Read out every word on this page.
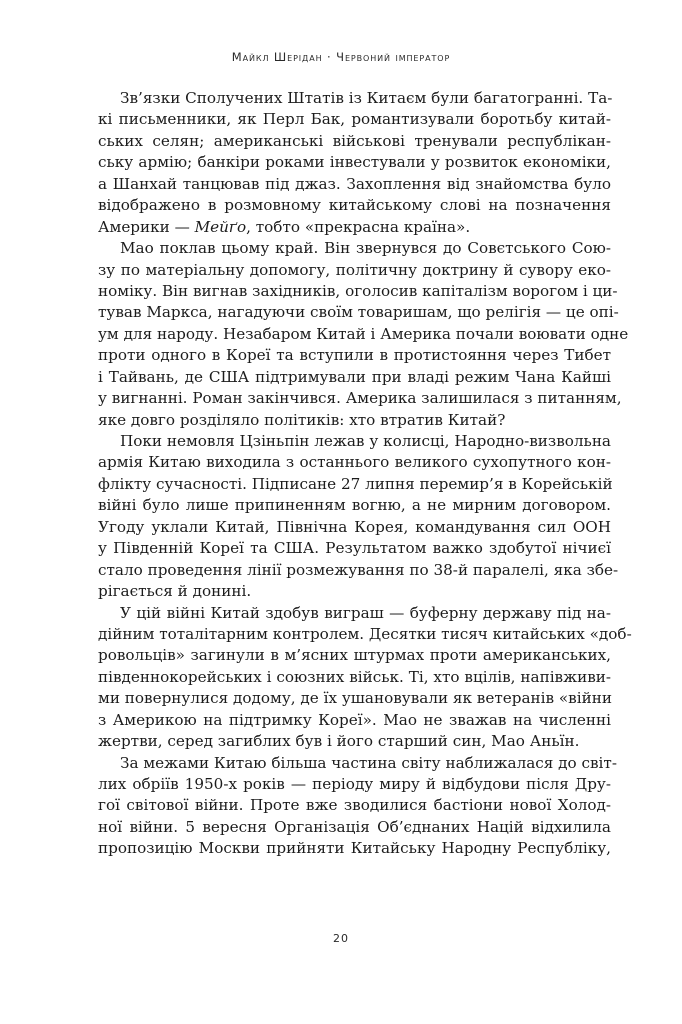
Майкл Шерідан · Червоний імператор
Зв’язки Сполучених Штатів із Китаєм були багатогранні. Та-
кі письменники, як Перл Бак, романтизували боротьбу китай-
ських селян; американські військові тренували республікан-
ську армію; банкіри роками інвестували у розвиток економіки,
а Шанхай танцював під джаз. Захоплення від знайомства було
відображено в розмовному китайському слові на позначення
Америки — Мейґо, тобто «прекрасна країна».
Мао поклав цьому край. Він звернувся до Совєтського Сою-
зу по матеріальну допомогу, політичну доктрину й сувору еко-
номіку. Він вигнав західників, оголосив капіталізм ворогом і ци-
тував Маркса, нагадуючи своїм товаришам, що релігія — це опі-
ум для народу. Незабаром Китай і Америка почали воювати одне
проти одного в Кореї та вступили в протистояння через Тибет
і Тайвань, де США підтримували при владі режим Чана Кайші
у вигнанні. Роман закінчився. Америка залишилася з питанням,
яке довго розділяло політиків: хто втратив Китай?
Поки немовля Цзіньпін лежав у колисці, Народно-визвольна
армія Китаю виходила з останнього великого сухопутного кон-
флікту сучасності. Підписане 27 липня перемир’я в Корейській
війні було лише припиненням вогню, а не мирним договором.
Угоду уклали Китай, Північна Корея, командування сил ООН
у Південній Кореї та США. Результатом важко здобутої нічиєї
стало проведення лінії розмежування по 38-й паралелі, яка збе-
рігається й донині.
У цій війні Китай здобув виграш — буферну державу під на-
дійним тоталітарним контролем. Десятки тисяч китайських «доб-
ровольців» загинули в м’ясних штурмах проти американських,
південнокорейських і союзних військ. Ті, хто вцілів, напівживи-
ми повернулися додому, де їх ушановували як ветеранів «війни
з Америкою на підтримку Кореї». Мао не зважав на численні
жертви, серед загиблих був і його старший син, Мао Аньїн.
За межами Китаю більша частина світу наближалася до світ-
лих обріїв 1950-х років — періоду миру й відбудови після Дру-
гої світової війни. Проте вже зводилися бастіони нової Холод-
ної війни. 5 вересня Організація Об’єднаних Націй відхилила
пропозицію Москви прийняти Китайську Народну Республіку,
20
